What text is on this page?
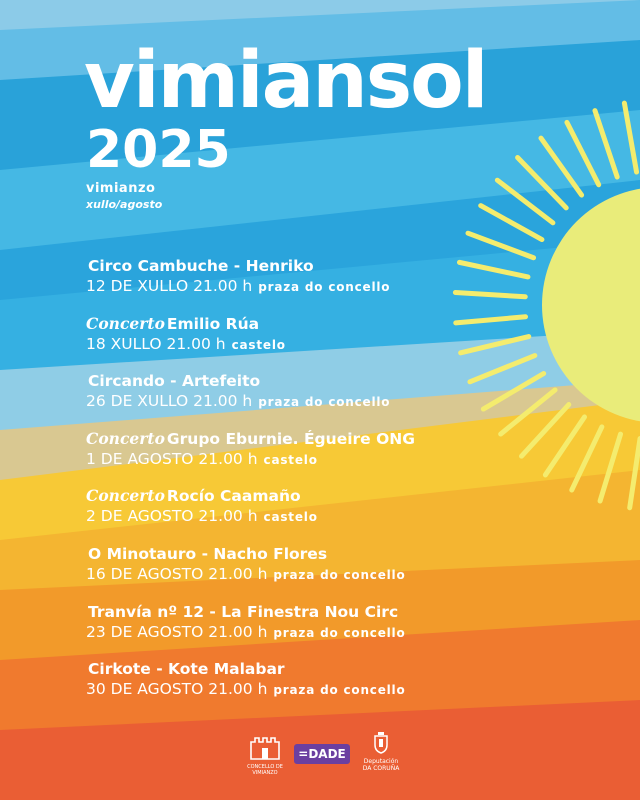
vimiansol
2025
vimianzo
xullo/agosto
Circo Cambuche - Henriko
12 DE XULLO 21.00 h praza do concello
Concerto Emilio Rúa
18 XULLO 21.00 h castelo
Circando - Artefeito
26 DE XULLO 21.00 h praza do concello
Concerto Grupo Eburnie. Égueire ONG
1 DE AGOSTO 21.00 h castelo
Concerto Rocío Caamaño
2 DE AGOSTO 21.00 h castelo
O Minotauro - Nacho Flores
16 DE AGOSTO 21.00 h praza do concello
Tranvía nº 12 - La Finestra Nou Circ
23 DE AGOSTO 21.00 h praza do concello
Cirkote - Kote Malabar
30 DE AGOSTO 21.00 h praza do concello
CONCELLO DE VIMIANZO
=DADE
Deputación
DA CORUÑA
